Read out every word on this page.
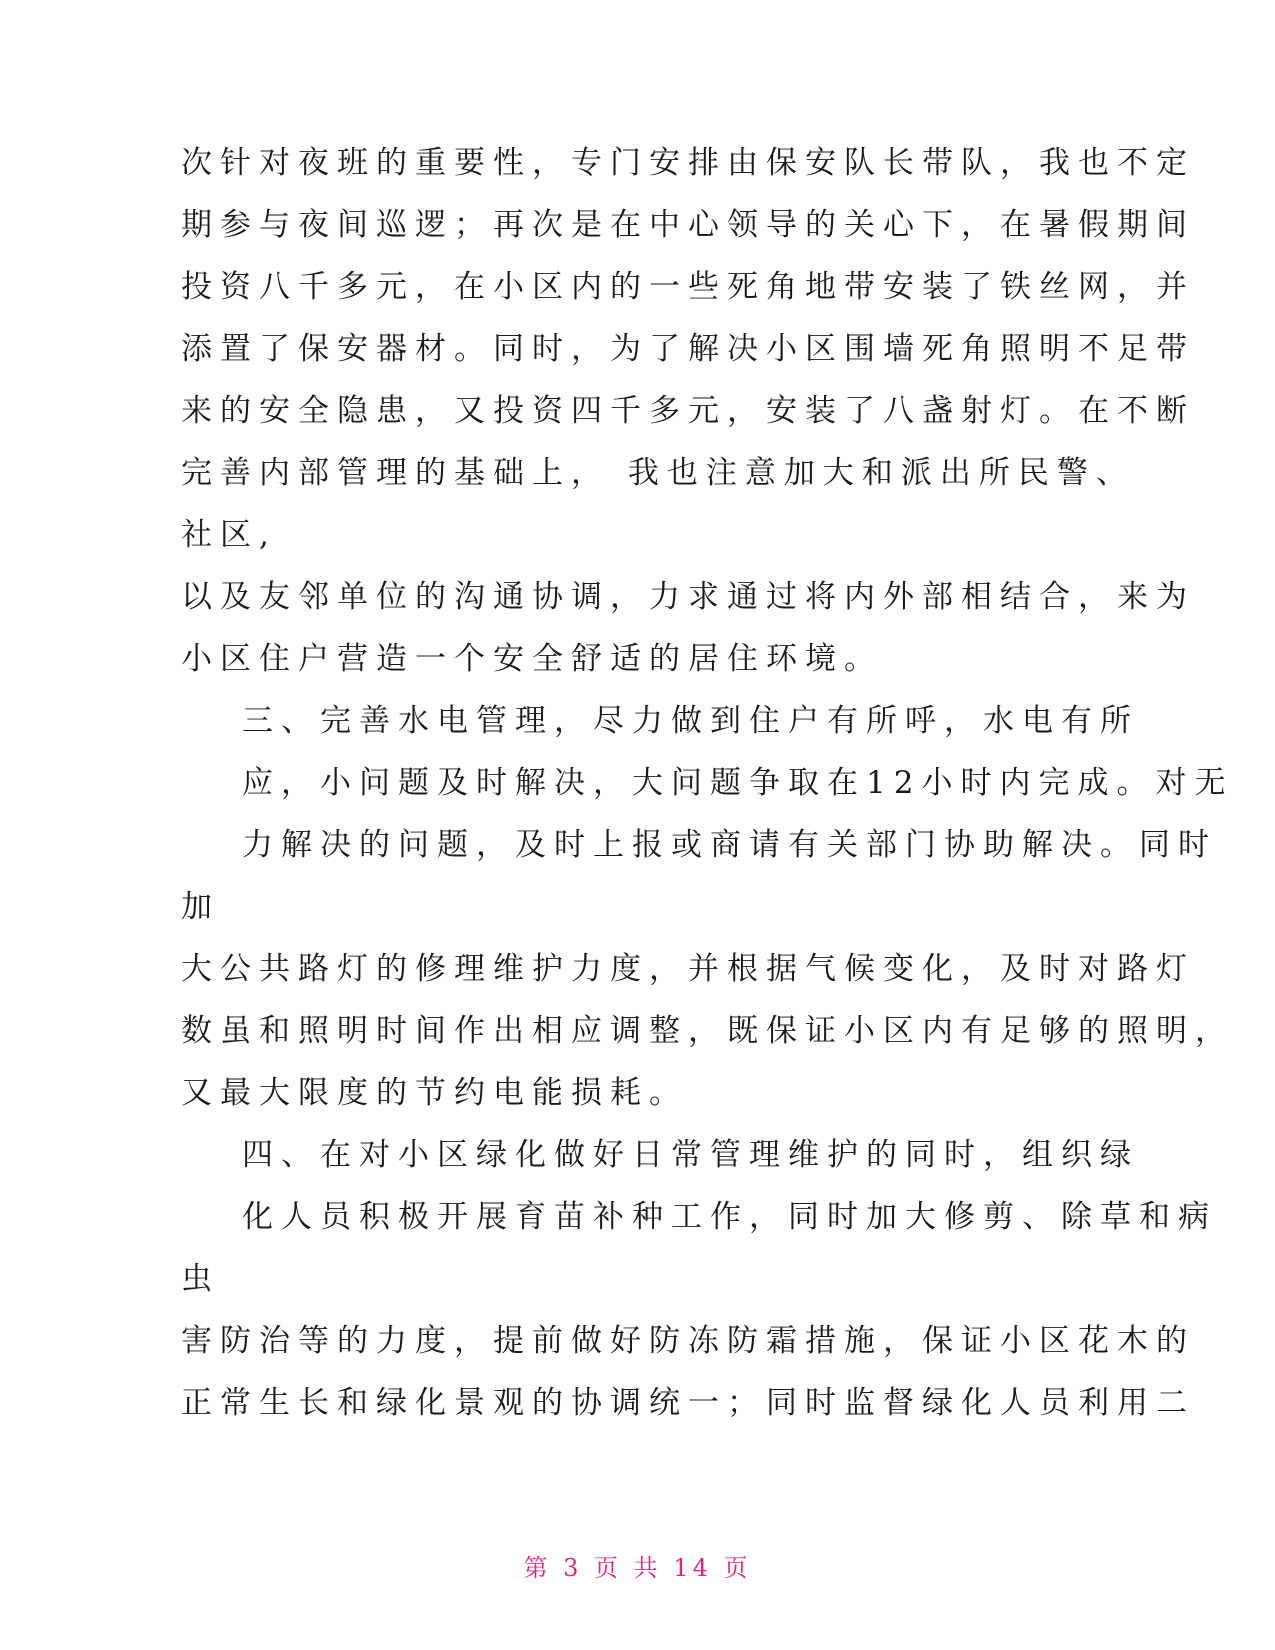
次针对夜班的重要性，专门安排由保安队长带队，我也不定
期参与夜间巡逻；再次是在中心领导的关心下，在暑假期间
投资八千多元，在小区内的一些死角地带安装了铁丝网，并
添置了保安器材。同时，为了解决小区围墙死角照明不足带
来的安全隐患，又投资四千多元，安装了八盏射灯。在不断
完善内部管理的基础上， 我也注意加大和派出所民警、
社区,
以及友邻单位的沟通协调，力求通过将内外部相结合，来为
小区住户营造一个安全舒适的居住环境。
三、完善水电管理，尽力做到住户有所呼，水电有所
应，小问题及时解决，大问题争取在12小时内完成。对无
力解决的问题，及时上报或商请有关部门协助解决。同时
加
大公共路灯的修理维护力度，并根据气候变化，及时对路灯
数虽和照明时间作出相应调整，既保证小区内有足够的照明，
又最大限度的节约电能损耗。
四、在对小区绿化做好日常管理维护的同时，组织绿
化人员积极开展育苗补种工作，同时加大修剪、除草和病
虫
害防治等的力度，提前做好防冻防霜措施，保证小区花木的
正常生长和绿化景观的协调统一；同时监督绿化人员利用二
第 3 页 共 14 页
